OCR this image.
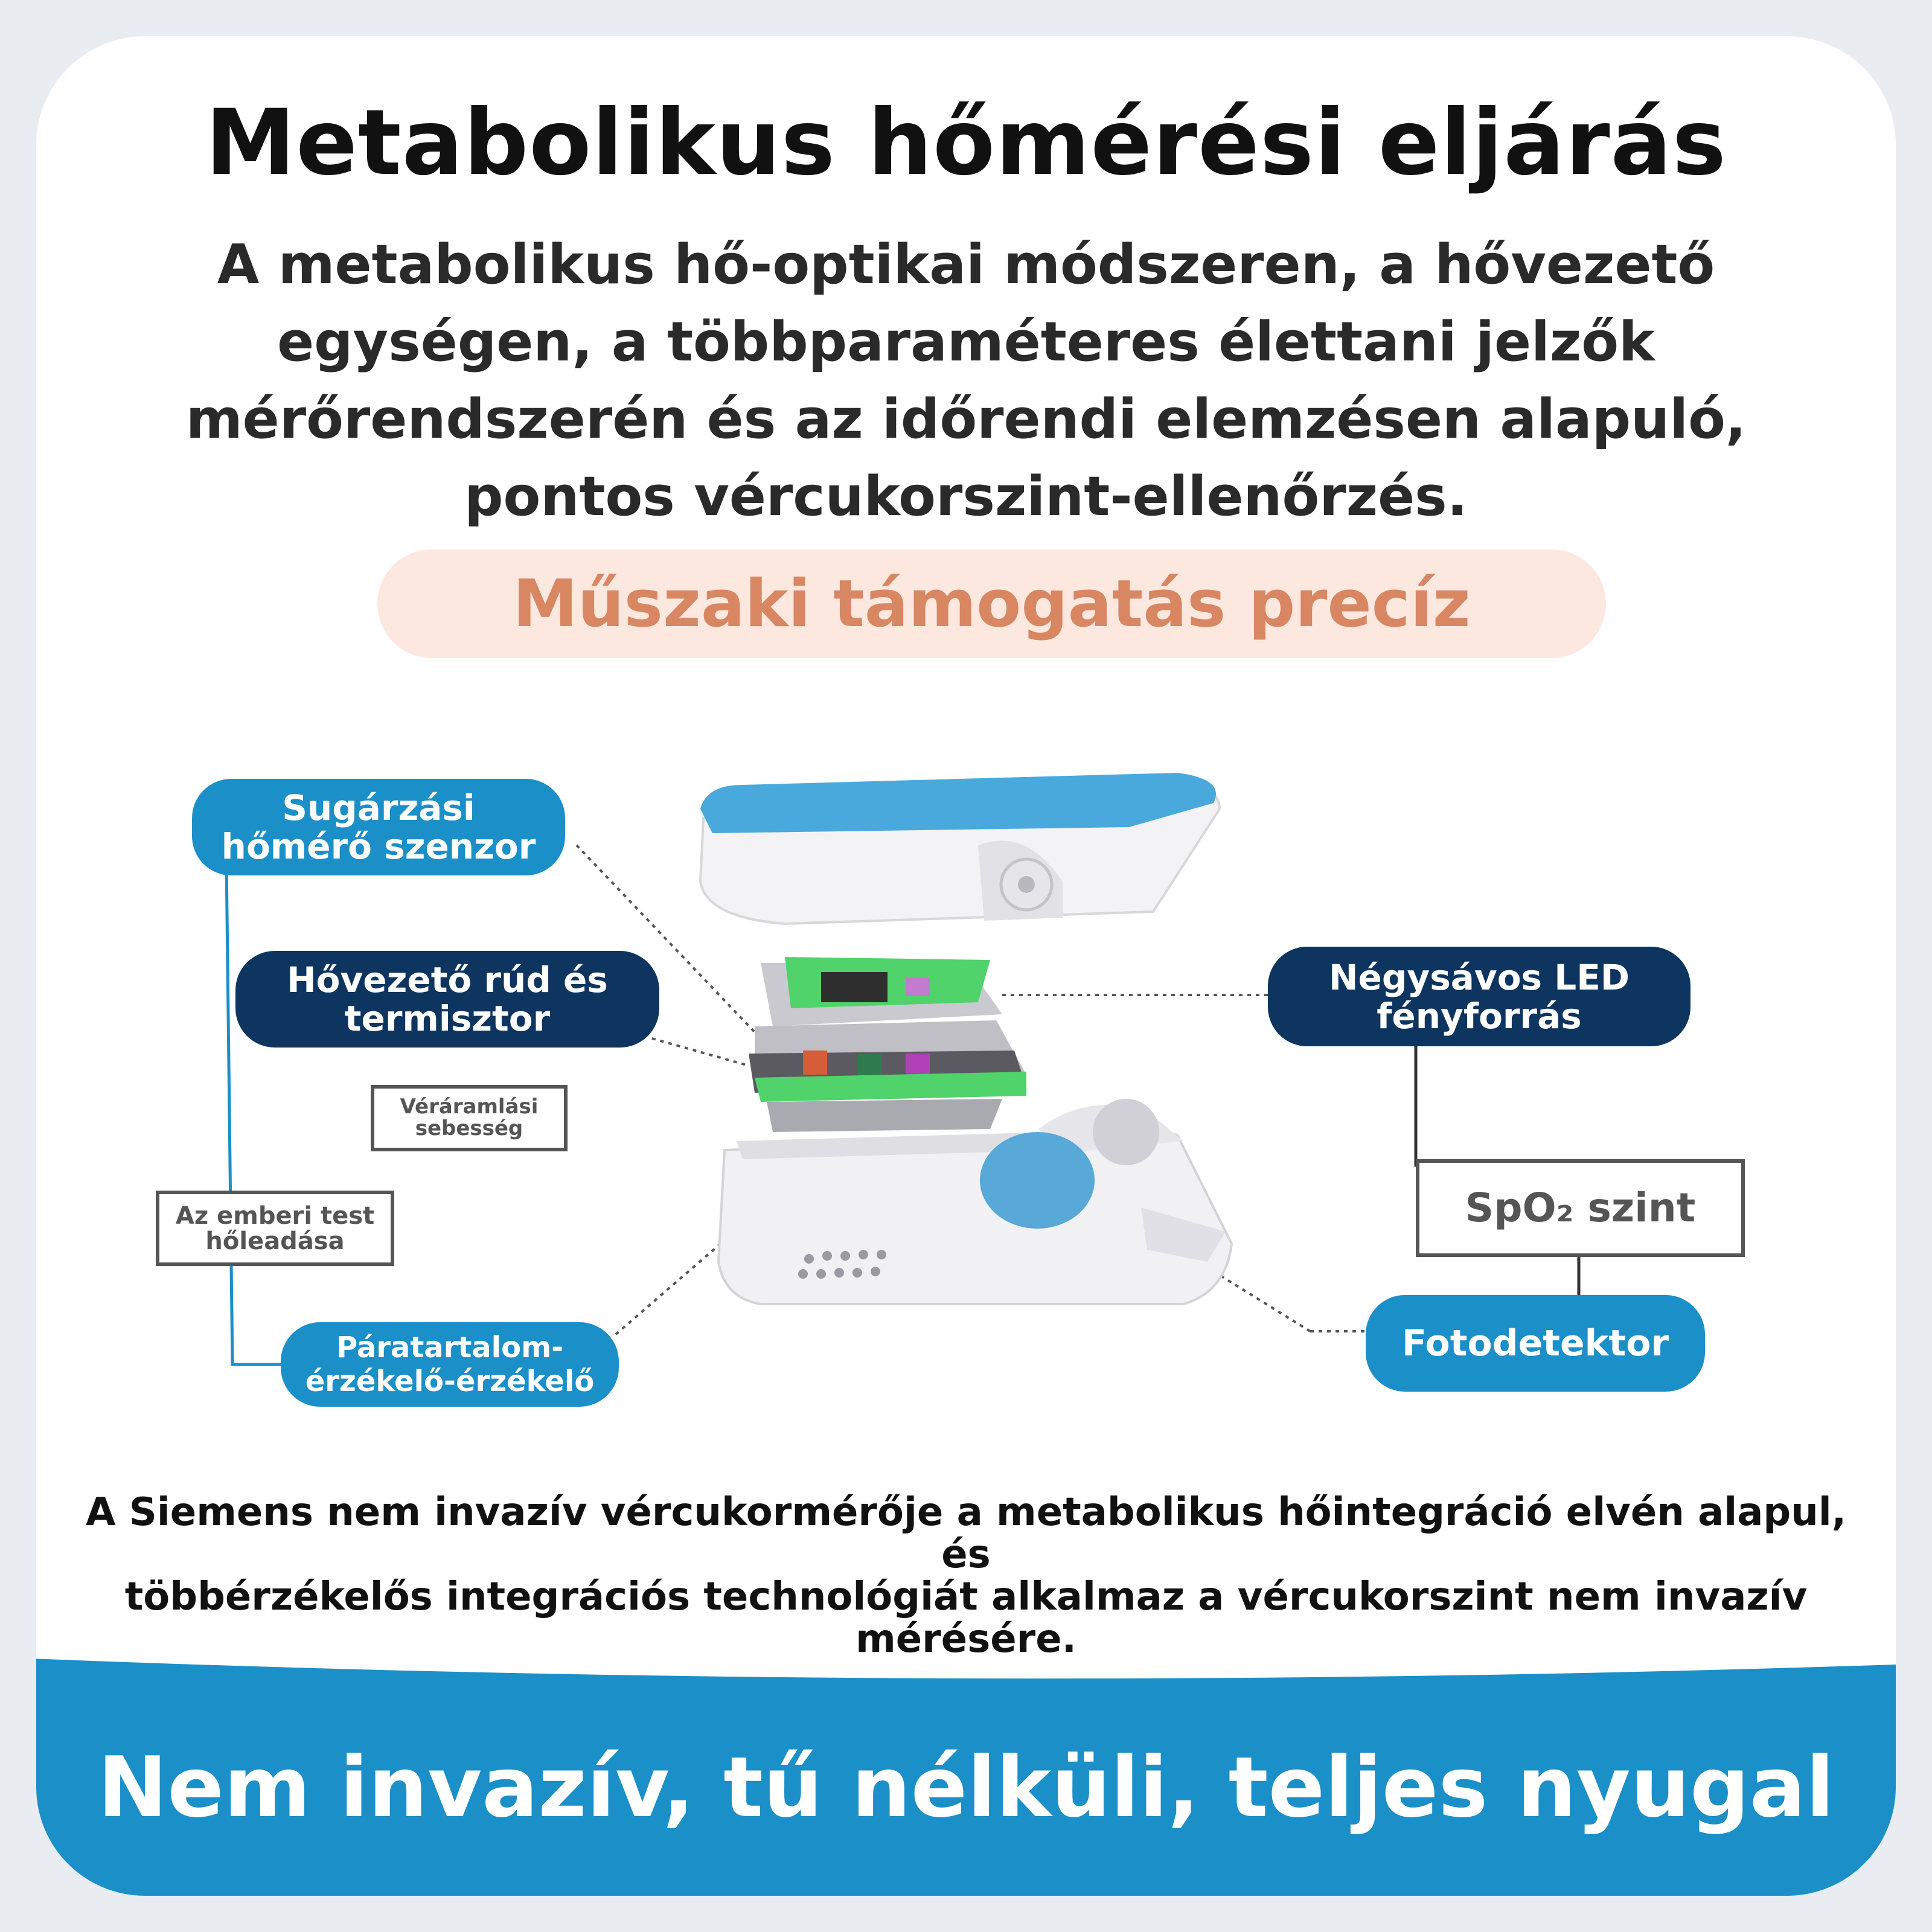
Metabolikus hőmérési eljárás
A metabolikus hő-optikai módszeren, a hővezető
egységen, a többparaméteres élettani jelzők
mérőrendszerén és az időrendi elemzésen alapuló,
pontos vércukorszint-ellenőrzés.
Műszaki támogatás precíz
Sugárzási
hőmérő szenzor
Hővezető rúd és
termisztor
Véráramlási
sebesség
Az emberi test
hőleadása
Páratartalom-
érzékelő-érzékelő
Négysávos LED
fényforrás
SpO₂ szint
Fotodetektor
A Siemens nem invazív vércukormérője a metabolikus hőintegráció elvén alapul, és
többérzékelős integrációs technológiát alkalmaz a vércukorszint nem invazív
mérésére.
Nem invazív, tű nélküli, teljes nyugal
